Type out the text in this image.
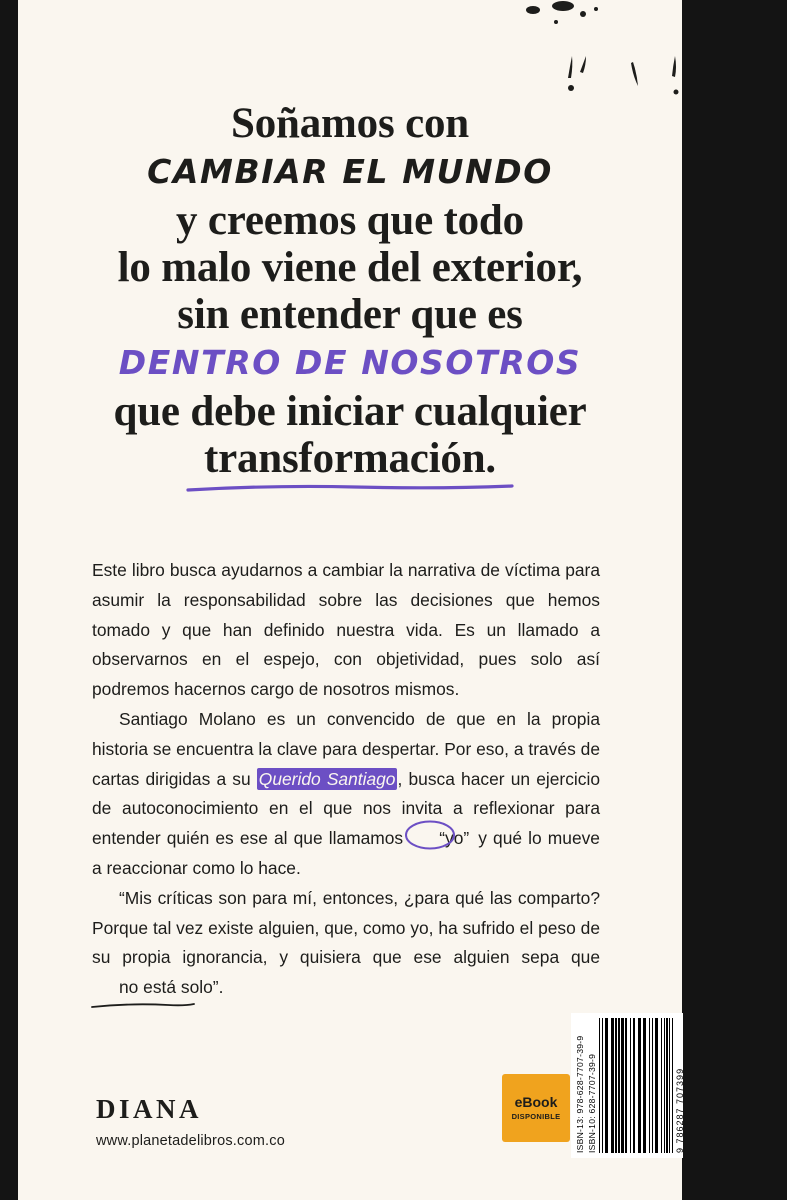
Soñamos con
CAMBIAR EL MUNDO
y creemos que todo
lo malo viene del exterior,
sin entender que es
DENTRO DE NOSOTROS
que debe iniciar cualquier
transformación.

Este libro busca ayudarnos a cambiar la narrativa de víctima para asumir la responsabilidad sobre las decisiones que hemos tomado y que han definido nuestra vida. Es un llamado a observarnos en el espejo, con objetividad, pues solo así podremos hacernos cargo de nosotros mismos.

Santiago Molano es un convencido de que en la propia historia se encuentra la clave para despertar. Por eso, a través de cartas dirigidas a su Querido Santiago , busca hacer un ejercicio de autoconocimiento en el que nos invita a reflexionar para entender quién es ese al que llamamos
“yo” y qué lo mueve a reaccionar como lo hace.

“Mis críticas son para mí, entonces, ¿para qué las comparto? Porque tal vez existe alguien, que, como yo, ha sufrido el peso de su propia ignorancia, y quisiera que ese alguien sepa que
no está solo”.

DIANA
www.planetadelibros.com.co
eBook
DISPONIBLE ISBN-13: 978-628-7707-39-9 ISBN-10: 628-7707-39-9	9 786287 707399
